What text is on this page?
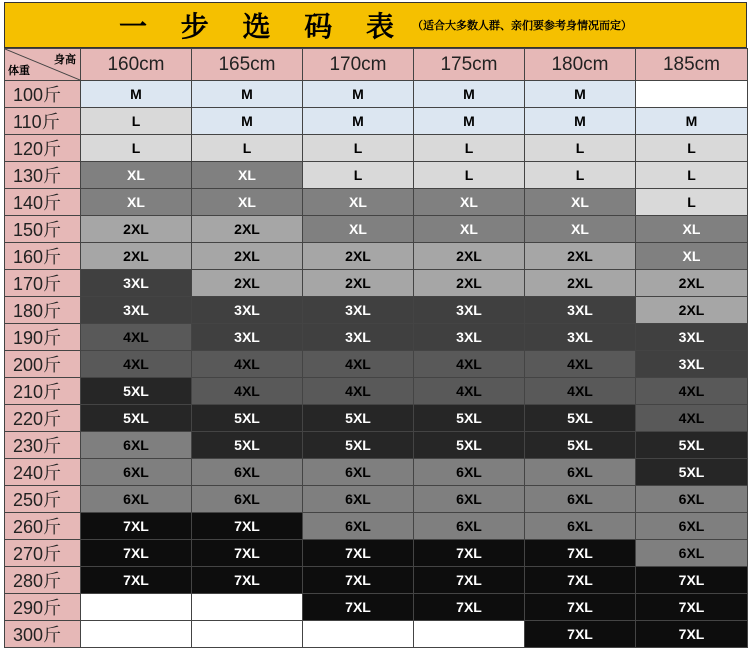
一 步 选 码 表 （适合大多数人群、亲们要参考身情况而定）
身高
体重	160cm	165cm	170cm	175cm	180cm	185cm
100斤	M	M	M	M	M	
110斤	L	M	M	M	M	M
120斤	L	L	L	L	L	L
130斤	XL	XL	L	L	L	L
140斤	XL	XL	XL	XL	XL	L
150斤	2XL	2XL	XL	XL	XL	XL
160斤	2XL	2XL	2XL	2XL	2XL	XL
170斤	3XL	2XL	2XL	2XL	2XL	2XL
180斤	3XL	3XL	3XL	3XL	3XL	2XL
190斤	4XL	3XL	3XL	3XL	3XL	3XL
200斤	4XL	4XL	4XL	4XL	4XL	3XL
210斤	5XL	4XL	4XL	4XL	4XL	4XL
220斤	5XL	5XL	5XL	5XL	5XL	4XL
230斤	6XL	5XL	5XL	5XL	5XL	5XL
240斤	6XL	6XL	6XL	6XL	6XL	5XL
250斤	6XL	6XL	6XL	6XL	6XL	6XL
260斤	7XL	7XL	6XL	6XL	6XL	6XL
270斤	7XL	7XL	7XL	7XL	7XL	6XL
280斤	7XL	7XL	7XL	7XL	7XL	7XL
290斤			7XL	7XL	7XL	7XL
300斤					7XL	7XL
